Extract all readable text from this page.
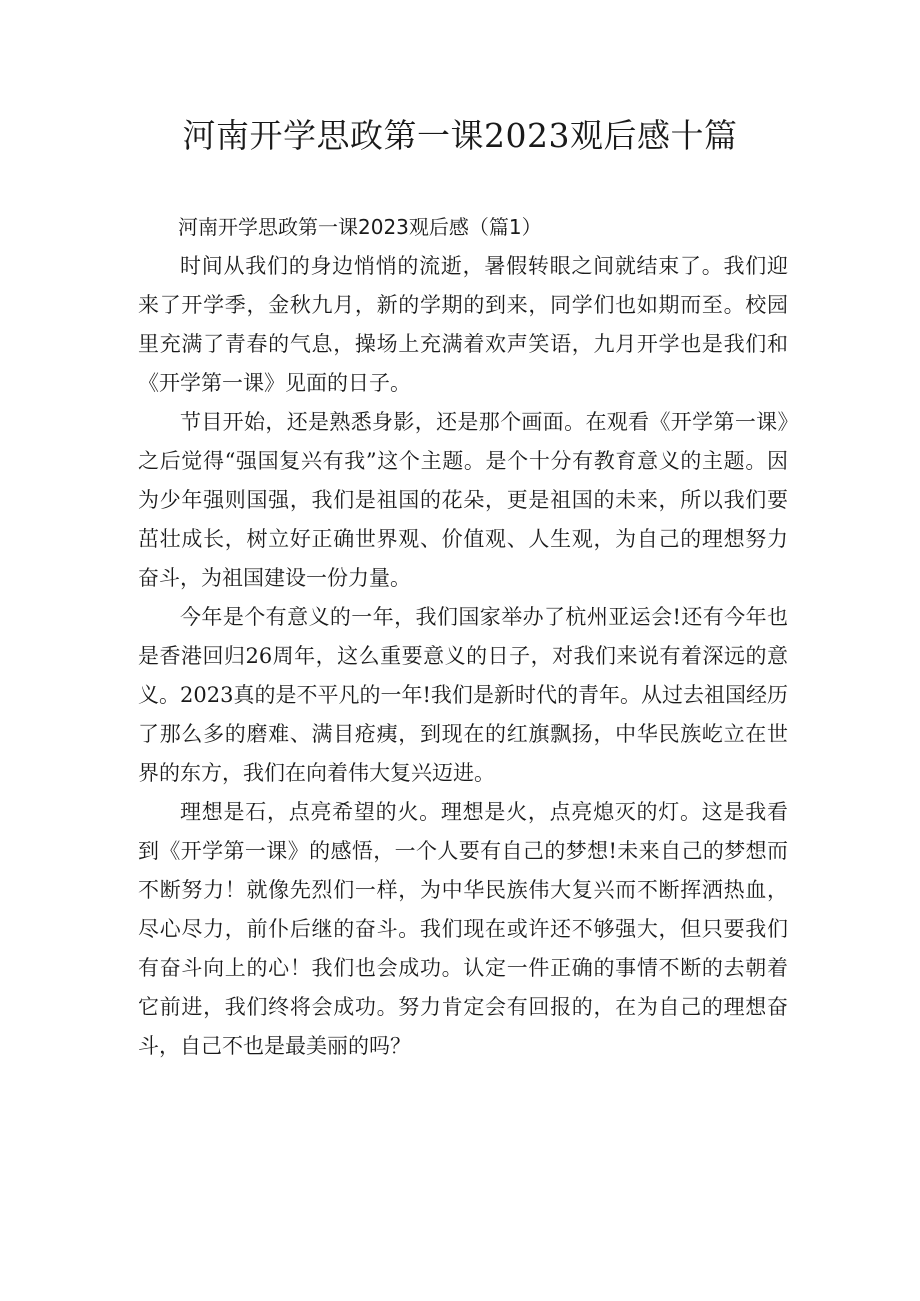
河南开学思政第一课2023观后感十篇

河南开学思政第一课2023观后感（篇1）

时间从我们的身边悄悄的流逝，暑假转眼之间就结束了。我们迎来了开学季，金秋九月，新的学期的到来，同学们也如期而至。校园里充满了青春的气息，操场上充满着欢声笑语，九月开学也是我们和《开学第一课》见面的日子。

节目开始，还是熟悉身影，还是那个画面。在观看《开学第一课》之后觉得“强国复兴有我”这个主题。是个十分有教育意义的主题。因为少年强则国强，我们是祖国的花朵，更是祖国的未来，所以我们要茁壮成长，树立好正确世界观、价值观、人生观，为自己的理想努力奋斗，为祖国建设一份力量。

今年是个有意义的一年，我们国家举办了杭州亚运会!还有今年也是香港回归26周年，这么重要意义的日子，对我们来说有着深远的意义。2023真的是不平凡的一年!我们是新时代的青年。从过去祖国经历了那么多的磨难、满目疮痍，到现在的红旗飘扬，中华民族屹立在世界的东方，我们在向着伟大复兴迈进。

理想是石，点亮希望的火。理想是火，点亮熄灭的灯。这是我看到《开学第一课》的感悟，一个人要有自己的梦想!未来自己的梦想而不断努力！就像先烈们一样，为中华民族伟大复兴而不断挥洒热血，尽心尽力，前仆后继的奋斗。我们现在或许还不够强大，但只要我们有奋斗向上的心！我们也会成功。认定一件正确的事情不断的去朝着它前进，我们终将会成功。努力肯定会有回报的，在为自己的理想奋斗，自己不也是最美丽的吗？
